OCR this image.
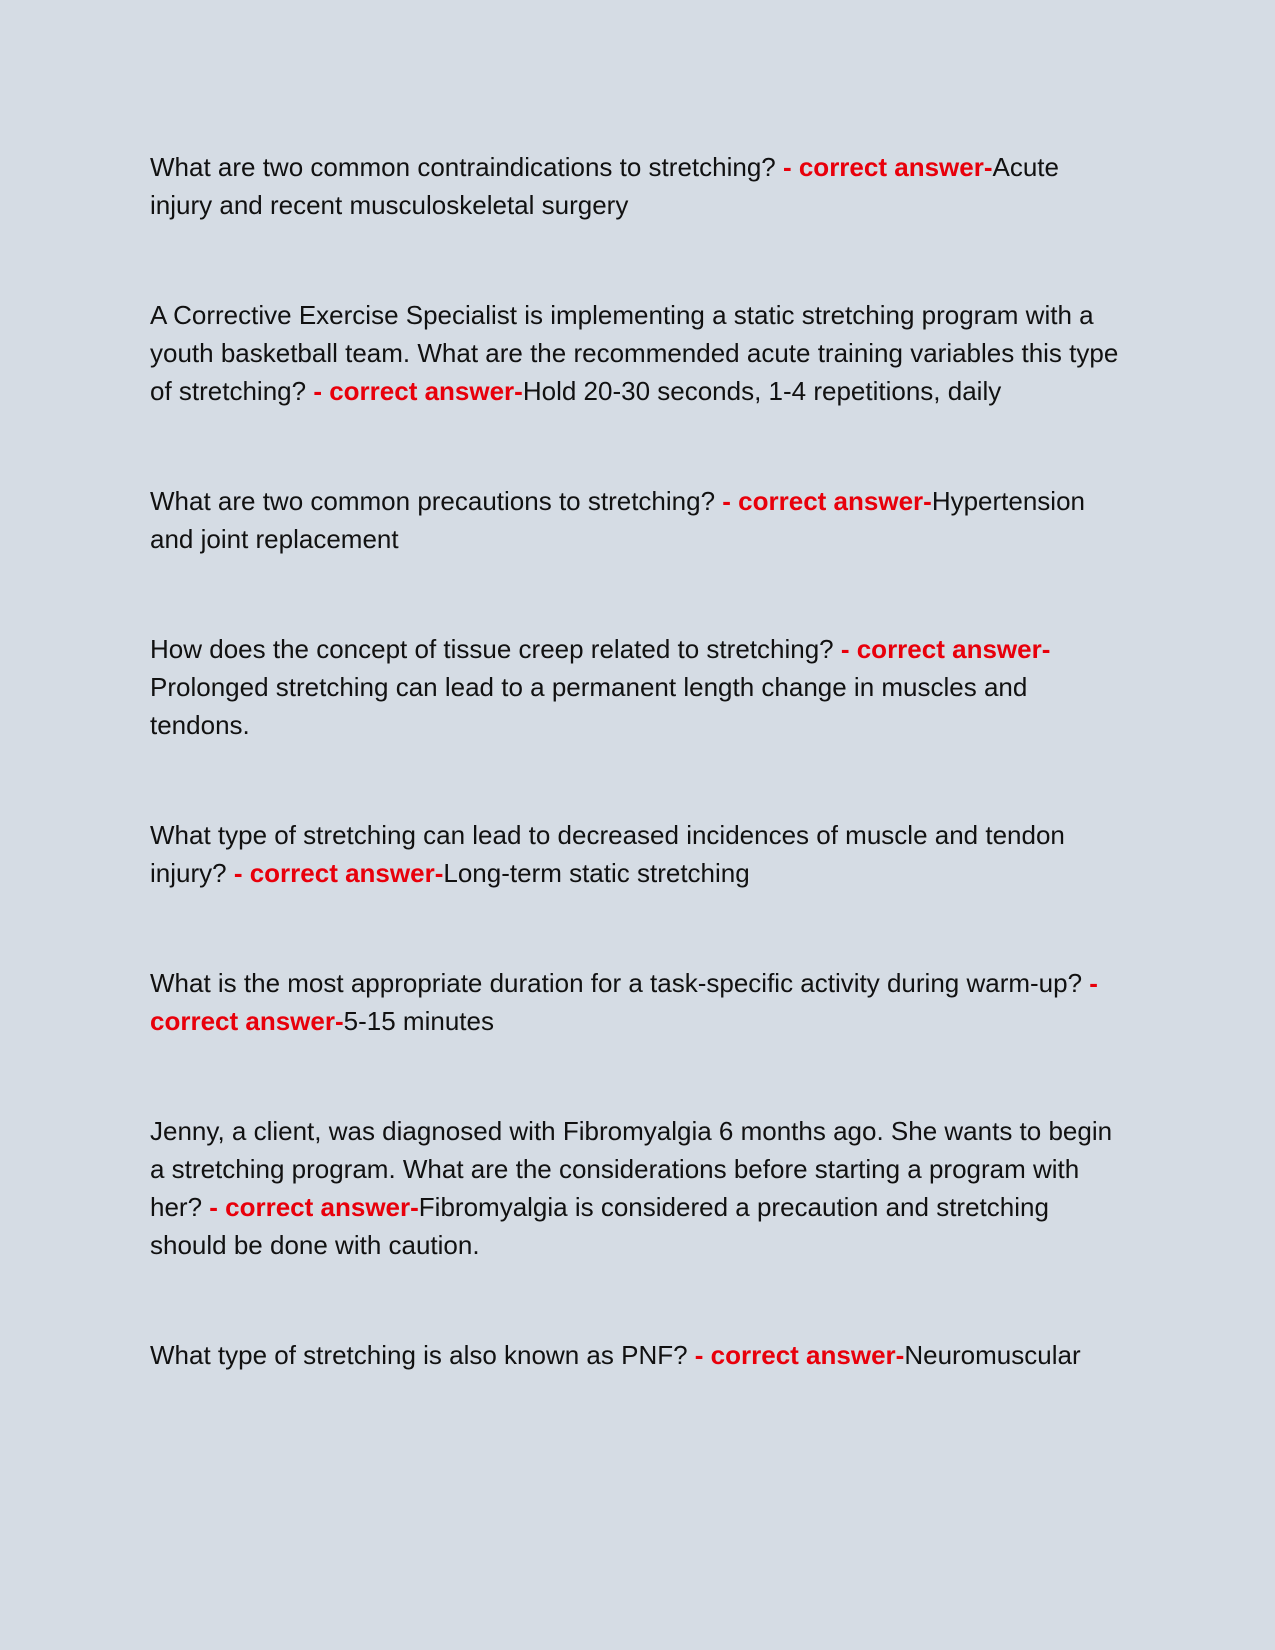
What are two common contraindications to stretching? - correct answer-Acute injury and recent musculoskeletal surgery

A Corrective Exercise Specialist is implementing a static stretching program with a youth basketball team. What are the recommended acute training variables this type of stretching? - correct answer-Hold 20-30 seconds, 1-4 repetitions, daily

What are two common precautions to stretching? - correct answer-Hypertension and joint replacement

How does the concept of tissue creep related to stretching? - correct answer-Prolonged stretching can lead to a permanent length change in muscles and tendons.

What type of stretching can lead to decreased incidences of muscle and tendon injury? - correct answer-Long-term static stretching

What is the most appropriate duration for a task-specific activity during warm-up? - correct answer-5-15 minutes

Jenny, a client, was diagnosed with Fibromyalgia 6 months ago. She wants to begin a stretching program. What are the considerations before starting a program with her? - correct answer-Fibromyalgia is considered a precaution and stretching should be done with caution.

What type of stretching is also known as PNF? - correct answer-Neuromuscular
